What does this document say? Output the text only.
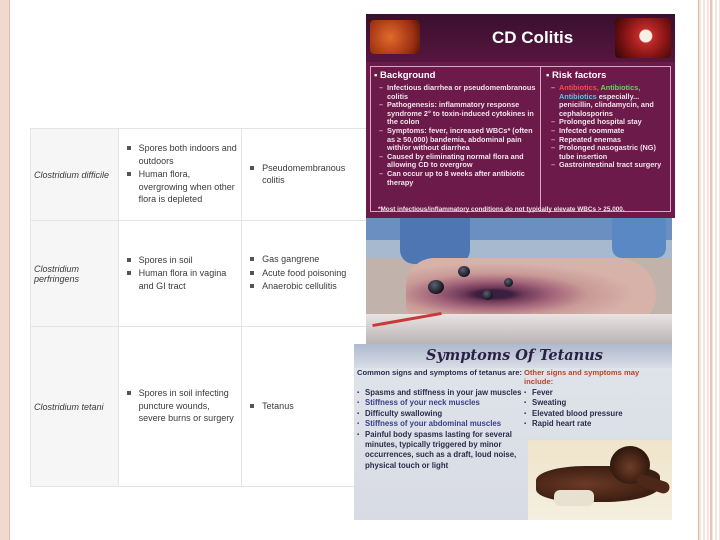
Clostridium difficile	
Spores both indoors and outdoors
Human flora, overgrowing when other flora is depleted

Pseudomembranous colitis

Clostridium perfringens	
Spores in soil
Human flora in vagina and GI tract

Gas gangrene
Acute food poisoning
Anaerobic cellulitis

Clostridium tetani	
Spores in soil infecting puncture wounds, severe burns or surgery

Tetanus
CD Colitis
▪ Background
▪	Risk factors
– Infectious diarrhea or pseudomembranous colitis
– Pathogenesis: inflammatory response syndrome 2° to toxin-induced cytokines in the colon
– Symptoms: fever, increased WBCs* (often as ≥ 50,000) bandemia, abdominal pain with/or without diarrhea
– Caused by eliminating normal flora and allowing CD to overgrow
– Can occur up to 8 weeks after antibiotic therapy
– Antibiotics, Antibiotics, Antibiotics especially... penicillin, clindamycin, and cephalosporins
– Prolonged hospital stay
– Infected roommate
– Repeated enemas
– Prolonged nasogastric (NG) tube insertion
– Gastrointestinal tract surgery
*Most infectious/inflammatory conditions do not typically elevate WBCs > 25,000.
Symptoms Of Tetanus
Common signs and symptoms of tetanus are: Other signs and symptoms may include:
▪ Spasms and stiffness in your jaw muscles
▪ Stiffness of your neck muscles
▪ Difficulty swallowing
▪ Stiffness of your abdominal muscles
▪ Painful body spasms lasting for several minutes, typically triggered by minor occurrences, such as a draft, loud noise, physical touch or light
▪ Fever
▪ Sweating
▪ Elevated blood pressure
▪ Rapid heart rate
